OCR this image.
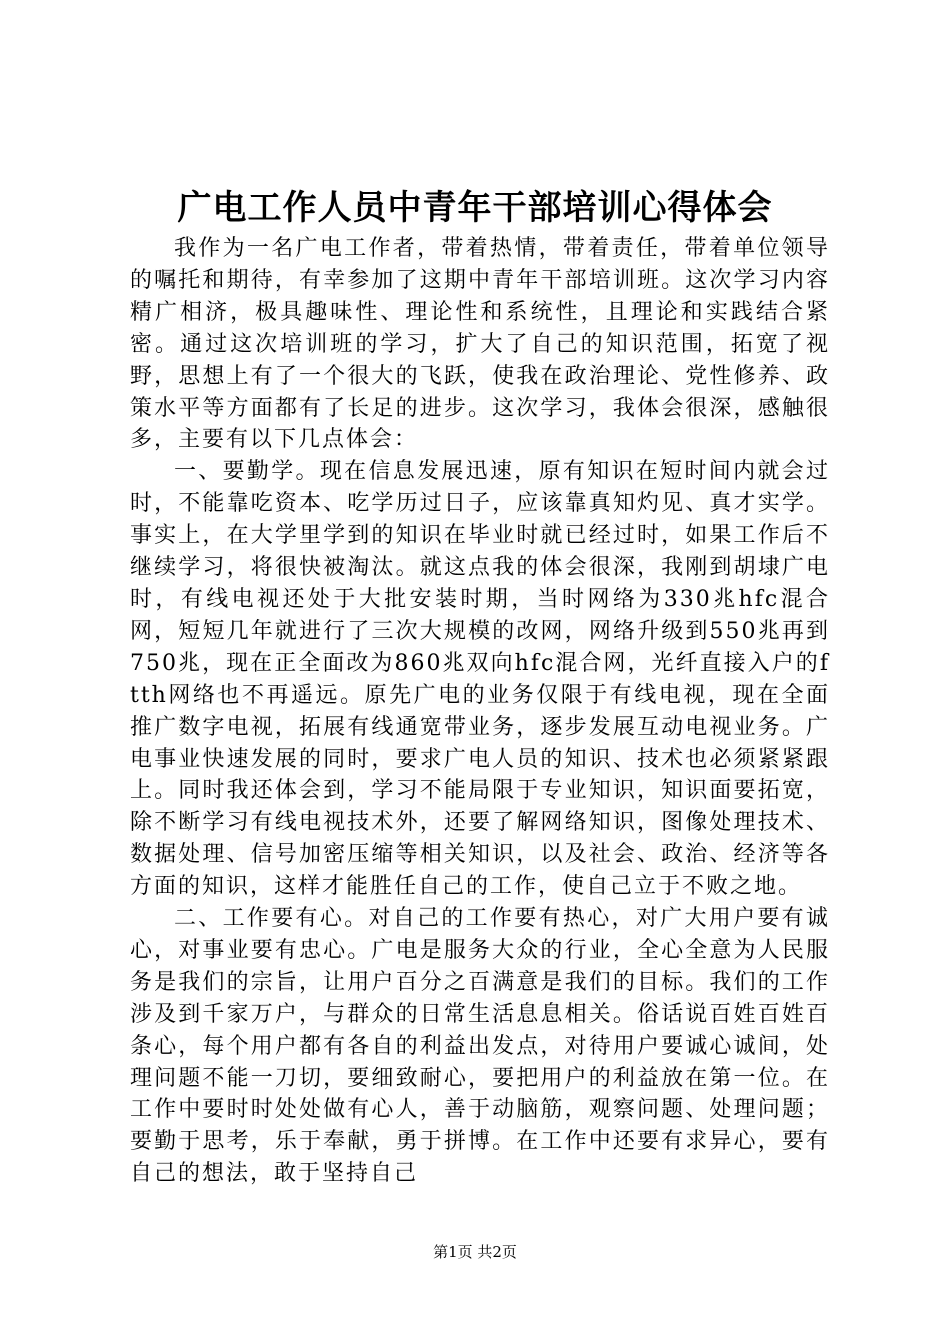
广电工作人员中青年干部培训心得体会

我作为一名广电工作者，带着热情，带着责任，带着单位领导的嘱托和期待，有幸参加了这期中青年干部培训班。这次学习内容精广相济，极具趣味性、理论性和系统性，且理论和实践结合紧密。通过这次培训班的学习，扩大了自己的知识范围，拓宽了视野，思想上有了一个很大的飞跃，使我在政治理论、党性修养、政策水平等方面都有了长足的进步。这次学习，我体会很深，感触很多，主要有以下几点体会：

一、要勤学。现在信息发展迅速，原有知识在短时间内就会过时，不能靠吃资本、吃学历过日子，应该靠真知灼见、真才实学。事实上，在大学里学到的知识在毕业时就已经过时，如果工作后不继续学习，将很快被淘汰。就这点我的体会很深，我刚到胡埭广电时，有线电视还处于大批安装时期，当时网络为330兆hfc混合网，短短几年就进行了三次大规模的改网，网络升级到550兆再到750兆，现在正全面改为860兆双向hfc混合网，光纤直接入户的ftth网络也不再遥远。原先广电的业务仅限于有线电视，现在全面推广数字电视，拓展有线通宽带业务，逐步发展互动电视业务。广电事业快速发展的同时，要求广电人员的知识、技术也必须紧紧跟上。同时我还体会到，学习不能局限于专业知识，知识面要拓宽，除不断学习有线电视技术外，还要了解网络知识，图像处理技术、数据处理、信号加密压缩等相关知识，以及社会、政治、经济等各方面的知识，这样才能胜任自己的工作，使自己立于不败之地。

二、工作要有心。对自己的工作要有热心，对广大用户要有诚心，对事业要有忠心。广电是服务大众的行业，全心全意为人民服务是我们的宗旨，让用户百分之百满意是我们的目标。我们的工作涉及到千家万户，与群众的日常生活息息相关。俗话说百姓百姓百条心，每个用户都有各自的利益出发点，对待用户要诚心诚间，处理问题不能一刀切，要细致耐心，要把用户的利益放在第一位。在工作中要时时处处做有心人，善于动脑筋，观察问题、处理问题；要勤于思考，乐于奉献，勇于拼博。在工作中还要有求异心，要有自己的想法，敢于坚持自己

第1页 共2页
